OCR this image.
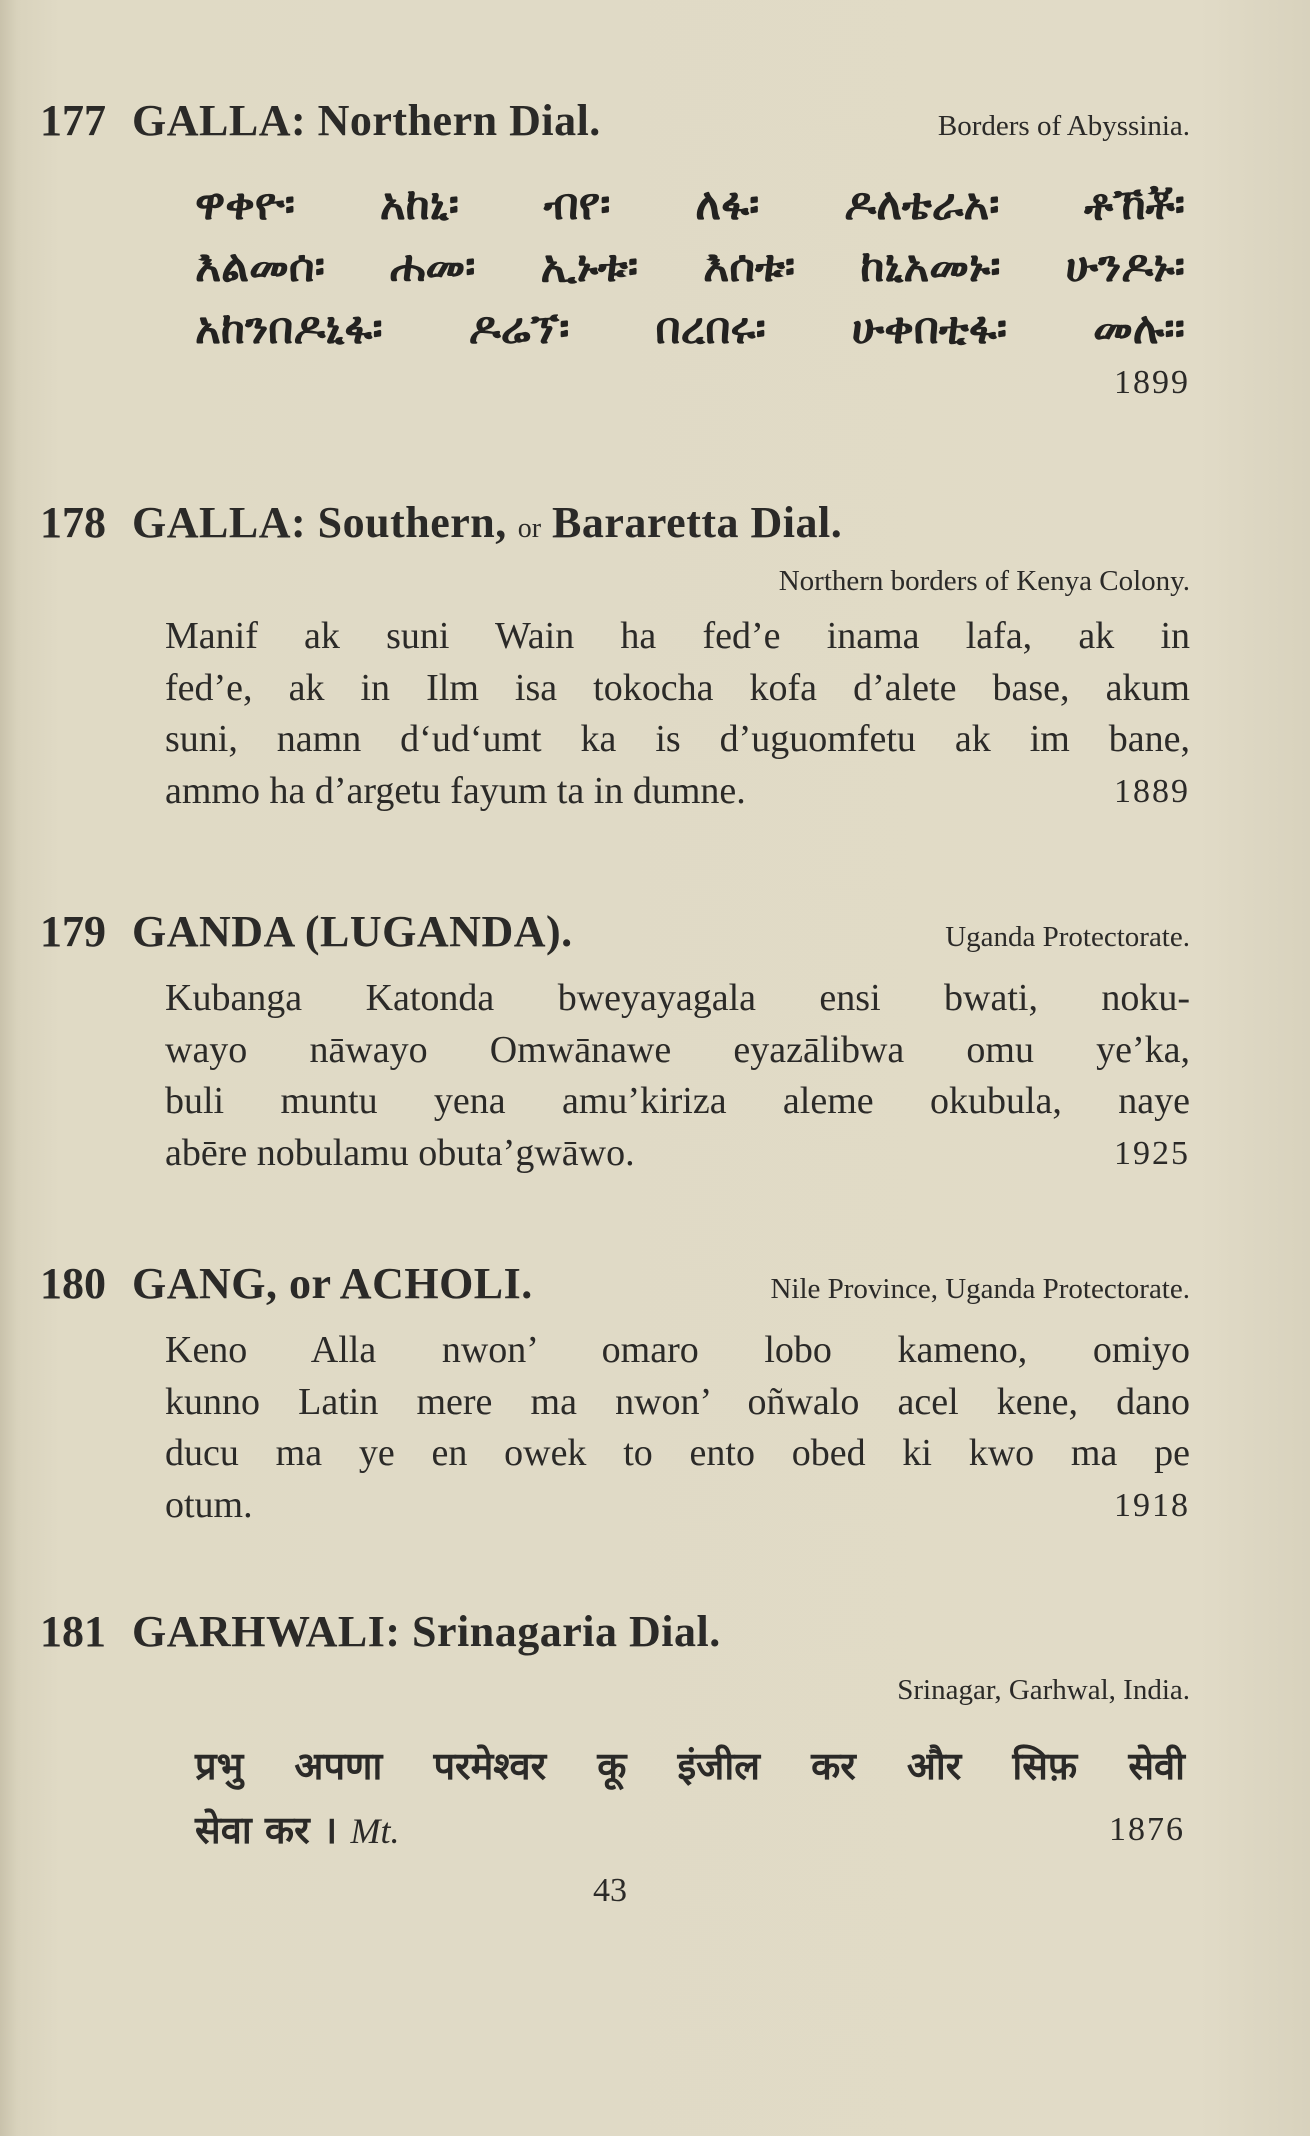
177 GALLA: Northern Dial.	Borders of Abyssinia.
ዋቀዮ፡ አከኒ፡ ብየ፡ ለፋ፡ ዶለቴራአ፡ ቶኸቾ፡
እልመሰ፡ ሐመ፡ ኢኑቱ፡ እሰቱ፡ ከኒአመኑ፡ ሁንዶኑ፡
አከንበዶኒፋ፡ ዶሬኘ፡ በረበሩ፡ ሁቀበቲፋ፡ መሉ፡፡
1899
178 GALLA: Southern, or Bararetta Dial.
Northern borders of Kenya Colony.
Manif ak suni Wain ha fed’e inama lafa, ak in
fed’e, ak in Ilm isa tokocha kofa d’alete base, akum
suni, namn d‘ud‘umt ka is d’uguomfetu ak im bane,
ammo ha d’argetu fayum ta in dumne.	1889
179 GANDA (LUGANDA).	Uganda Protectorate.
Kubanga Katonda bweyayagala ensi bwati, noku-
wayo nāwayo Omwānawe eyazālibwa omu ye’ka,
buli muntu yena amu’kiriza aleme okubula, naye
abēre nobulamu obuta’gwāwo.	1925
180 GANG, or ACHOLI.	Nile Province, Uganda Protectorate.
Keno Alla nwon’ omaro lobo kameno, omiyo
kunno Latin mere ma nwon’ oñwalo acel kene, dano
ducu ma ye en owek to ento obed ki kwo ma pe
otum.	1918
181 GARHWALI: Srinagaria Dial.
Srinagar, Garhwal, India.
प्रभु अपणा परमेश्वर कू इंजील कर और सिफ़ सेवी
सेवा कर । Mt.	1876
43
